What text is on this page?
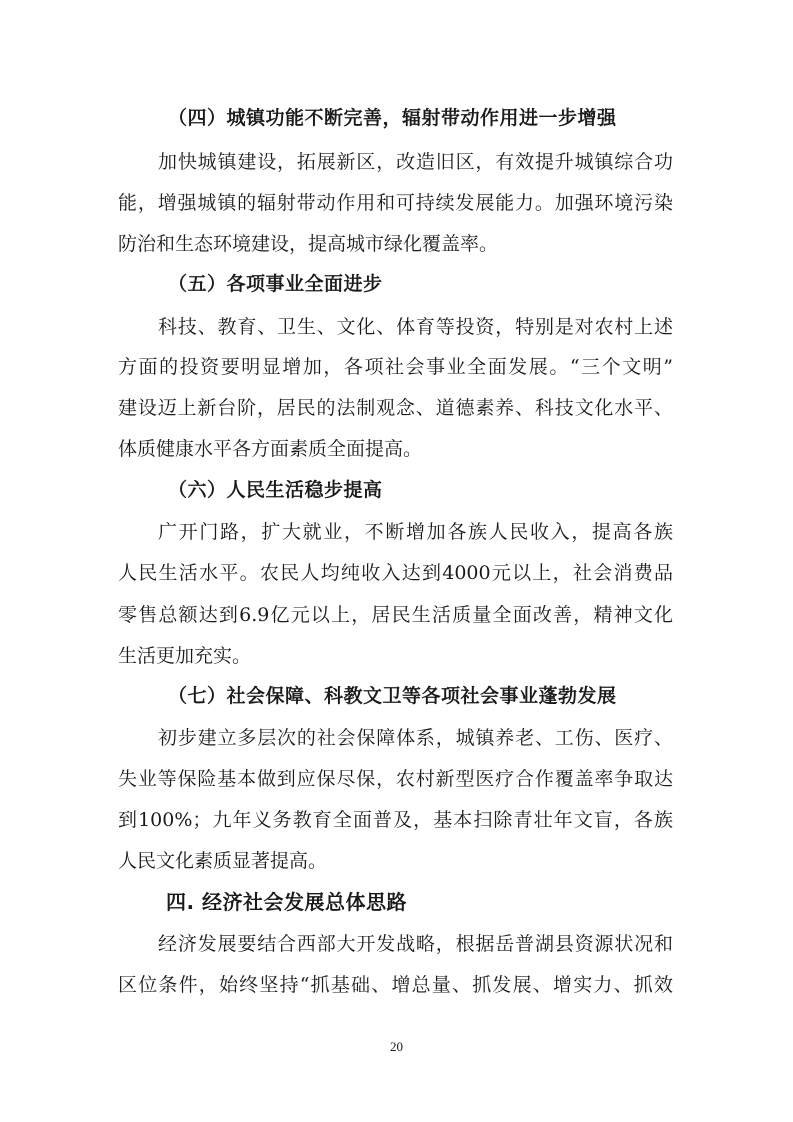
（四）城镇功能不断完善，辐射带动作用进一步增强
加快城镇建设，拓展新区，改造旧区，有效提升城镇综合功
能，增强城镇的辐射带动作用和可持续发展能力。加强环境污染
防治和生态环境建设，提高城市绿化覆盖率。
（五）各项事业全面进步
科技、教育、卫生、文化、体育等投资，特别是对农村上述
方面的投资要明显增加，各项社会事业全面发展。“三个文明”
建设迈上新台阶，居民的法制观念、道德素养、科技文化水平、
体质健康水平各方面素质全面提高。
（六）人民生活稳步提高
广开门路，扩大就业，不断增加各族人民收入，提高各族
人民生活水平。农民人均纯收入达到4000元以上，社会消费品
零售总额达到6.9亿元以上，居民生活质量全面改善，精神文化
生活更加充实。
（七）社会保障、科教文卫等各项社会事业蓬勃发展
初步建立多层次的社会保障体系，城镇养老、工伤、医疗、
失业等保险基本做到应保尽保，农村新型医疗合作覆盖率争取达
到100%；九年义务教育全面普及，基本扫除青壮年文盲，各族
人民文化素质显著提高。
四. 经济社会发展总体思路
经济发展要结合西部大开发战略，根据岳普湖县资源状况和
区位条件，始终坚持“抓基础、增总量、抓发展、增实力、抓效
20
